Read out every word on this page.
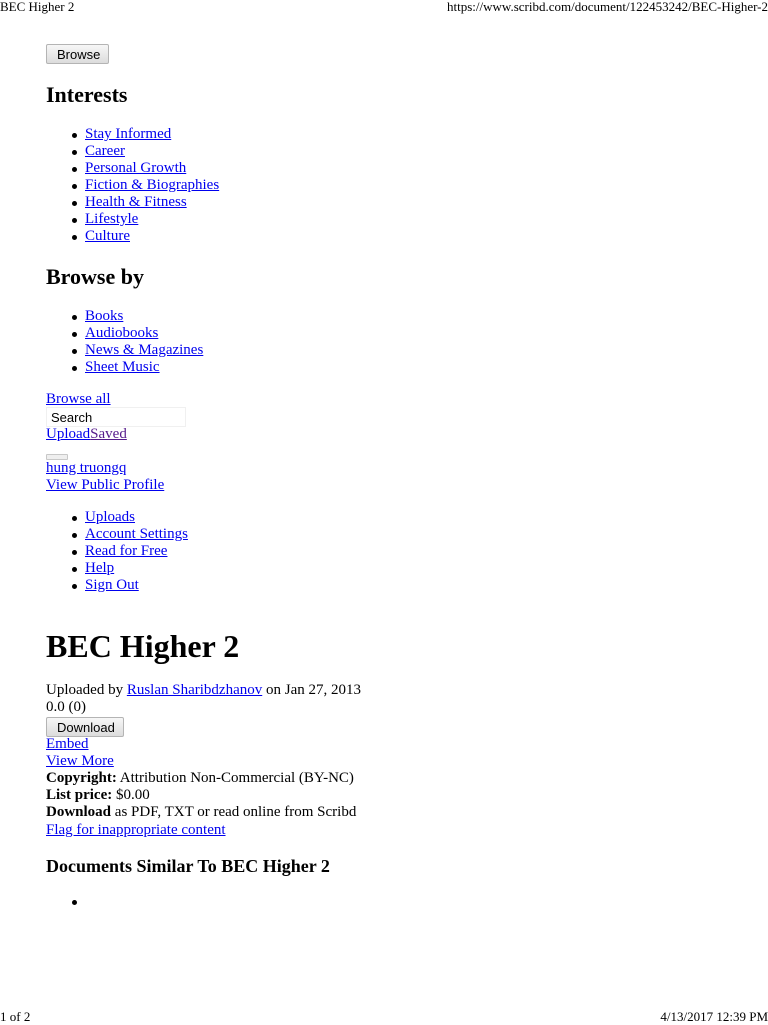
BEC Higher 2	https://www.scribd.com/document/122453242/BEC-Higher-2
Browse
Interests
Stay Informed
Career
Personal Growth
Fiction & Biographies
Health & Fitness
Lifestyle
Culture
Browse by
Books
Audiobooks
News & Magazines
Sheet Music
Browse all
Search
UploadSaved
hung truongq
View Public Profile
Uploads
Account Settings
Read for Free
Help
Sign Out
BEC Higher 2
Uploaded by Ruslan Sharibdzhanov on Jan 27, 2013
0.0 (0)
Download
Embed
View More
Copyright: Attribution Non-Commercial (BY-NC)
List price: $0.00
Download as PDF, TXT or read online from Scribd
Flag for inappropriate content
Documents Similar To BEC Higher 2

1 of 2	4/13/2017 12:39 PM
